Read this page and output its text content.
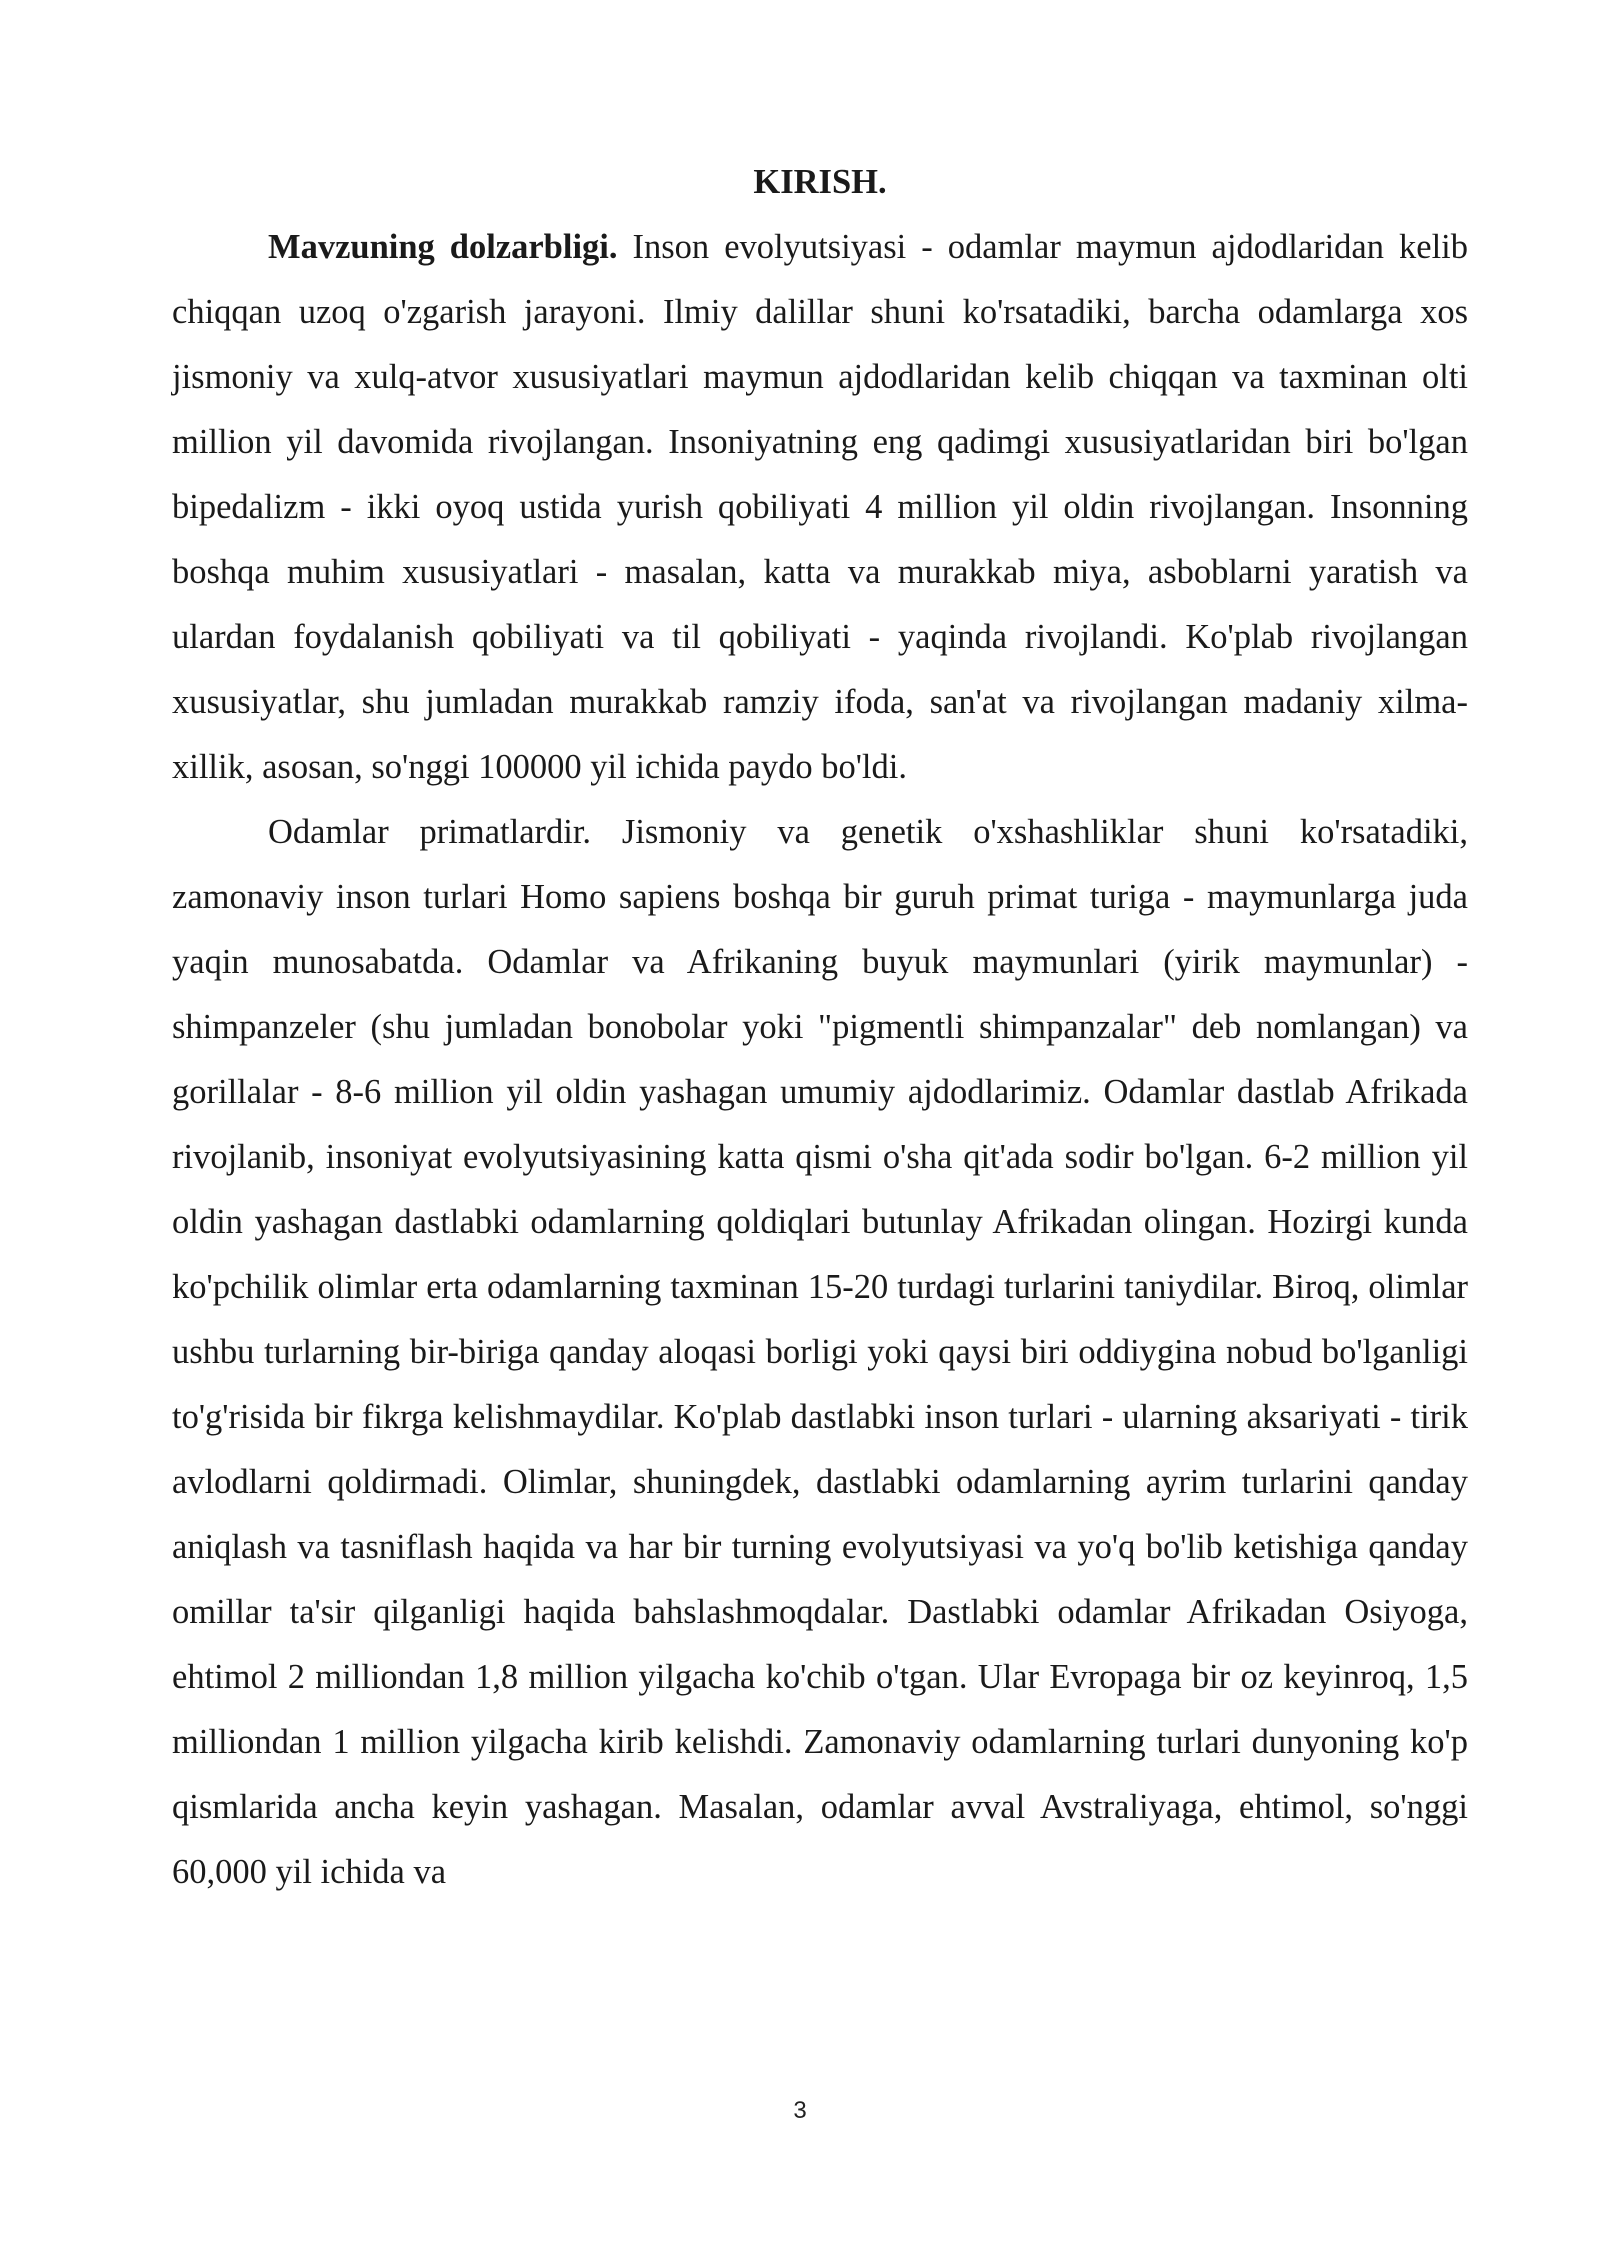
KIRISH.

Mavzuning dolzarbligi. Inson evolyutsiyasi - odamlar maymun ajdodlaridan kelib chiqqan uzoq o'zgarish jarayoni. Ilmiy dalillar shuni ko'rsatadiki, barcha odamlarga xos jismoniy va xulq-atvor xususiyatlari maymun ajdodlaridan kelib chiqqan va taxminan olti million yil davomida rivojlangan. Insoniyatning eng qadimgi xususiyatlaridan biri bo'lgan bipedalizm - ikki oyoq ustida yurish qobiliyati 4 million yil oldin rivojlangan. Insonning boshqa muhim xususiyatlari - masalan, katta va murakkab miya, asboblarni yaratish va ulardan foydalanish qobiliyati va til qobiliyati - yaqinda rivojlandi. Ko'plab rivojlangan xususiyatlar, shu jumladan murakkab ramziy ifoda, san'at va rivojlangan madaniy xilma-xillik, asosan, so'nggi 100000 yil ichida paydo bo'ldi.

Odamlar primatlardir. Jismoniy va genetik o'xshashliklar shuni ko'rsatadiki, zamonaviy inson turlari Homo sapiens boshqa bir guruh primat turiga - maymunlarga juda yaqin munosabatda. Odamlar va Afrikaning buyuk maymunlari (yirik maymunlar) - shimpanzeler (shu jumladan bonobolar yoki "pigmentli shimpanzalar" deb nomlangan) va gorillalar - 8-6 million yil oldin yashagan umumiy ajdodlarimiz. Odamlar dastlab Afrikada rivojlanib, insoniyat evolyutsiyasining katta qismi o'sha qit'ada sodir bo'lgan. 6-2 million yil oldin yashagan dastlabki odamlarning qoldiqlari butunlay Afrikadan olingan. Hozirgi kunda ko'pchilik olimlar erta odamlarning taxminan 15-20 turdagi turlarini taniydilar. Biroq, olimlar ushbu turlarning bir-biriga qanday aloqasi borligi yoki qaysi biri oddiygina nobud bo'lganligi to'g'risida bir fikrga kelishmaydilar. Ko'plab dastlabki inson turlari - ularning aksariyati - tirik avlodlarni qoldirmadi. Olimlar, shuningdek, dastlabki odamlarning ayrim turlarini qanday aniqlash va tasniflash haqida va har bir turning evolyutsiyasi va yo'q bo'lib ketishiga qanday omillar ta'sir qilganligi haqida bahslashmoqdalar. Dastlabki odamlar Afrikadan Osiyoga, ehtimol 2 milliondan 1,8 million yilgacha ko'chib o'tgan. Ular Evropaga bir oz keyinroq, 1,5 milliondan 1 million yilgacha kirib kelishdi. Zamonaviy odamlarning turlari dunyoning ko'p qismlarida ancha keyin yashagan. Masalan, odamlar avval Avstraliyaga, ehtimol, so'nggi 60,000 yil ichida va

3
